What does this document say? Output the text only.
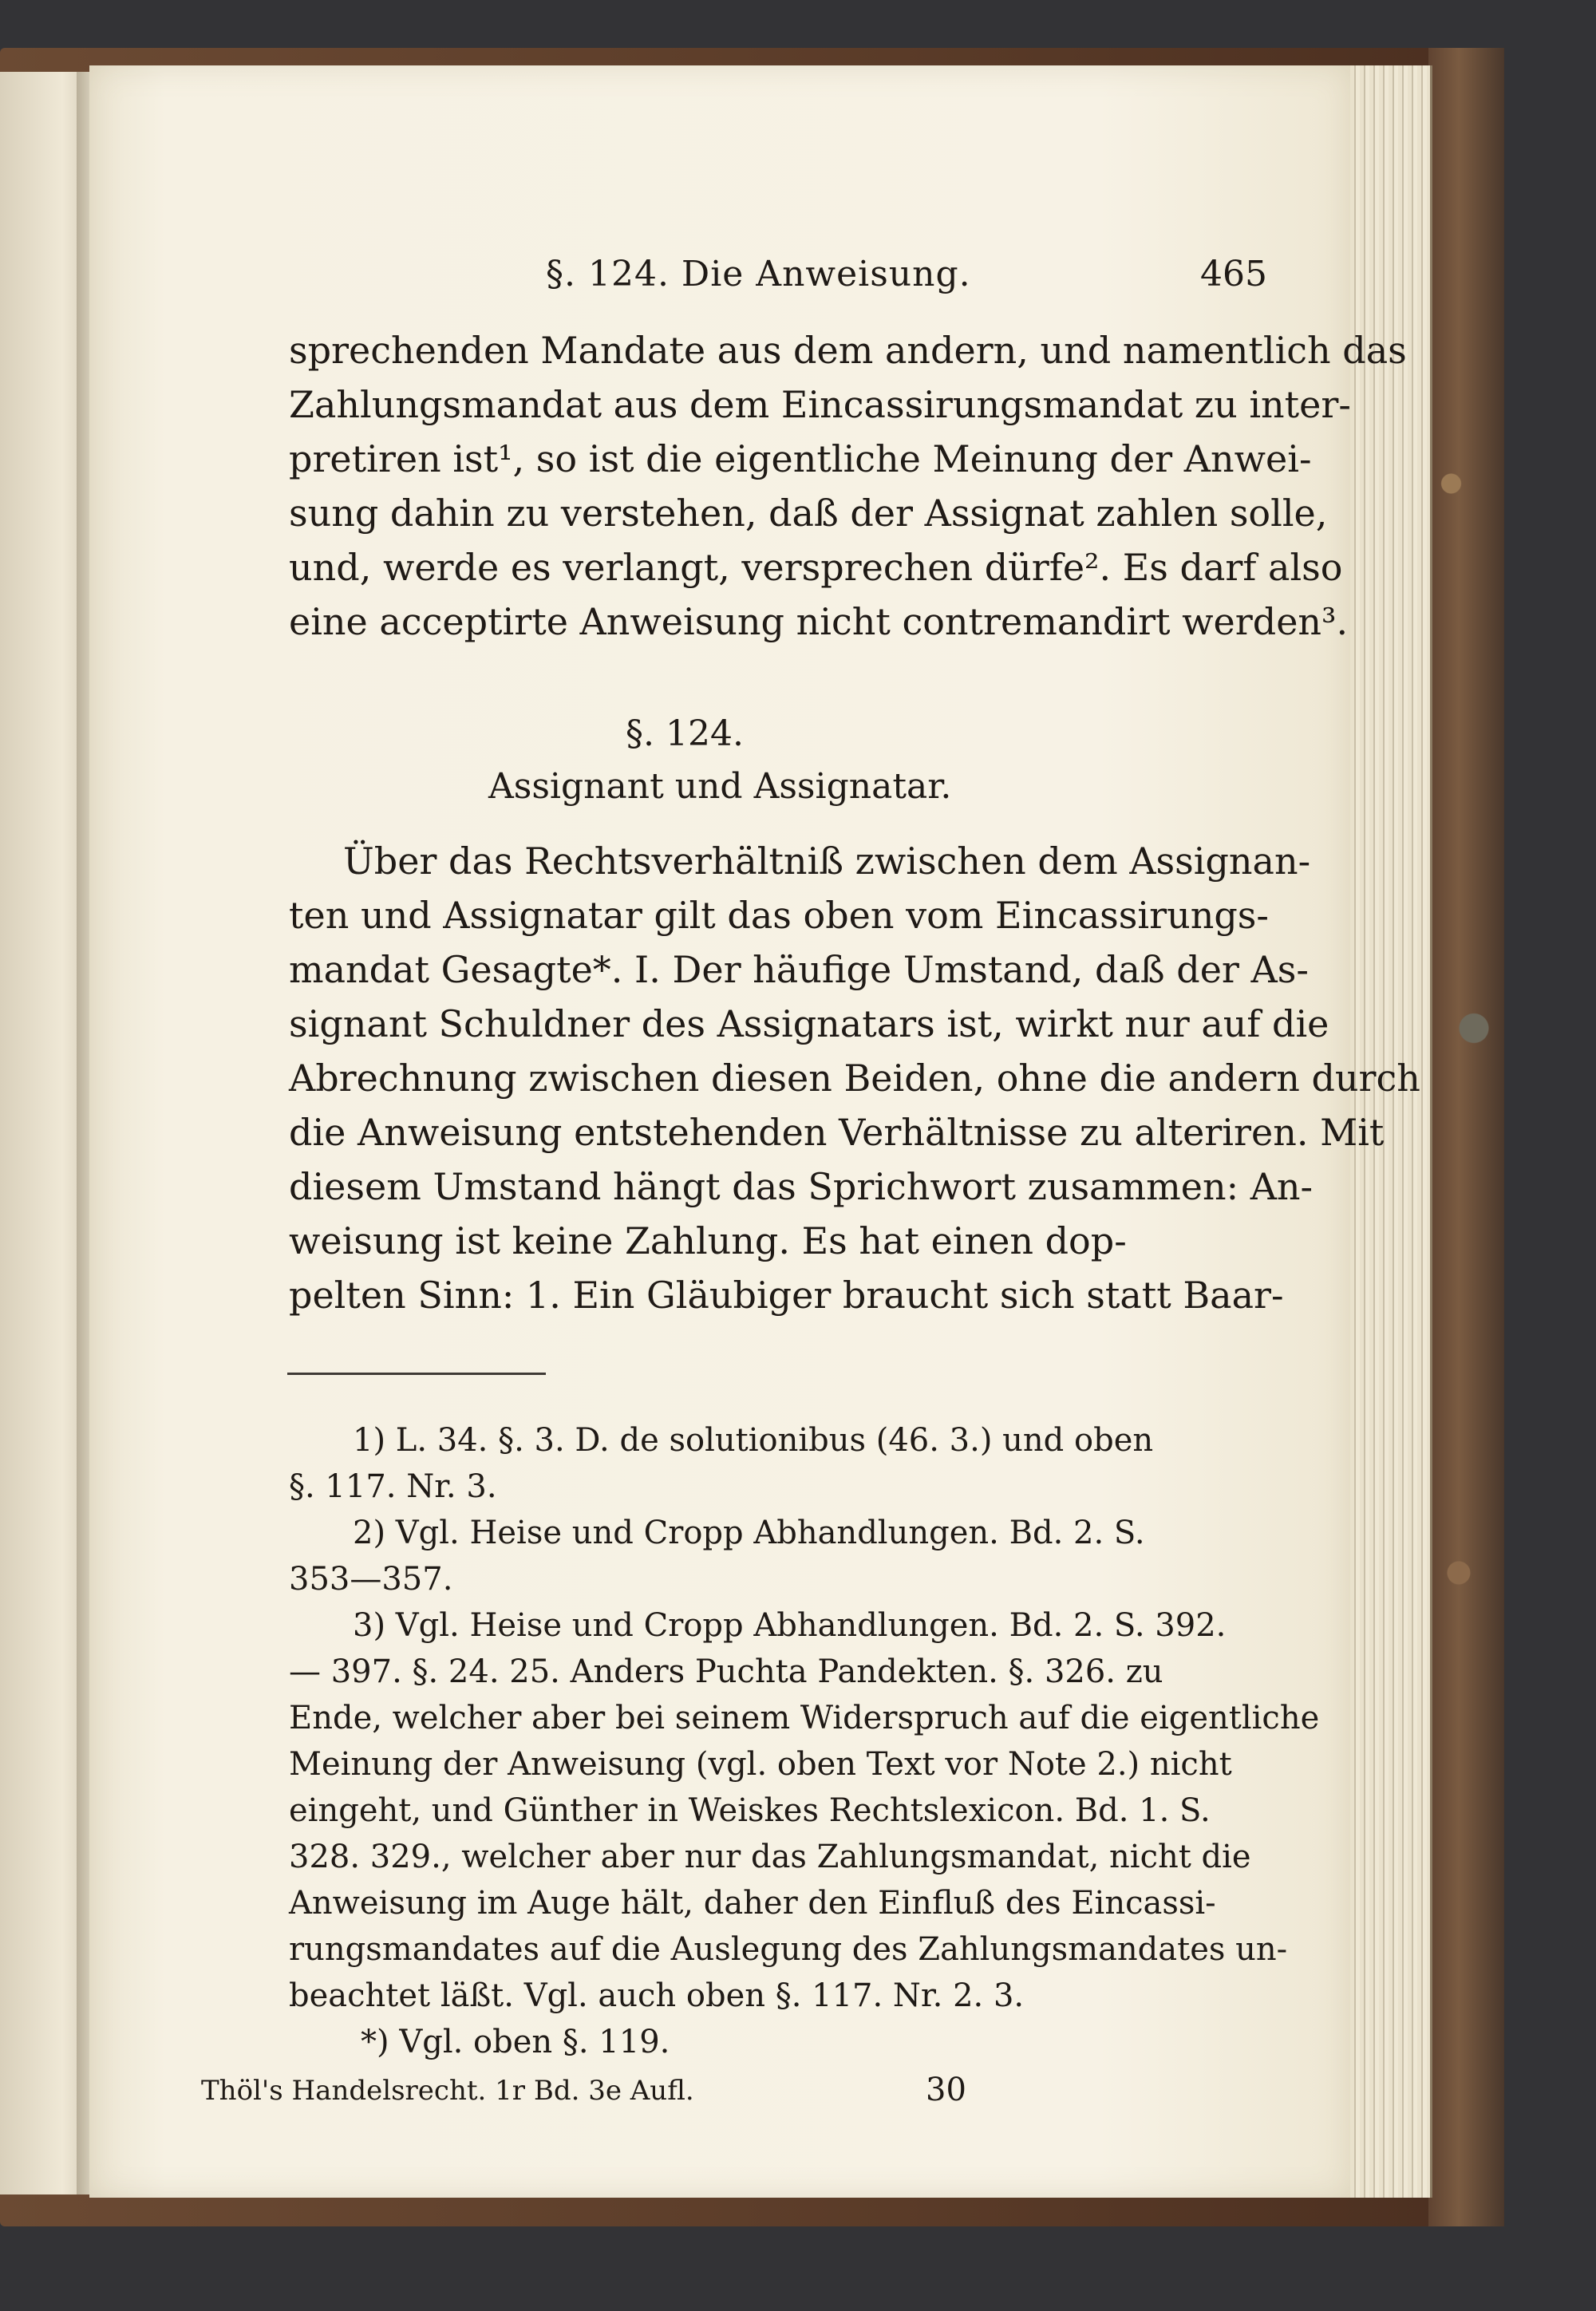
§. 124. Die Anweisung.	465
sprechenden Mandate aus dem andern, und namentlich das
Zahlungsmandat aus dem Eincassirungsmandat zu inter-
pretiren ist¹, so ist die eigentliche Meinung der Anwei-
sung dahin zu verstehen, daß der Assignat zahlen solle,
und, werde es verlangt, versprechen dürfe². Es darf also
eine acceptirte Anweisung nicht contremandirt werden³.
§. 124.
Assignant und Assignatar.
Über das Rechtsverhältniß zwischen dem Assignan-
ten und Assignatar gilt das oben vom Eincassirungs-
mandat Gesagte*. I. Der häufige Umstand, daß der As-
signant Schuldner des Assignatars ist, wirkt nur auf die
Abrechnung zwischen diesen Beiden, ohne die andern durch
die Anweisung entstehenden Verhältnisse zu alteriren. Mit
diesem Umstand hängt das Sprichwort zusammen: An-
weisung ist keine Zahlung. Es hat einen dop-
pelten Sinn: 1. Ein Gläubiger braucht sich statt Baar-
1) L. 34. §. 3. D. de solutionibus (46. 3.) und oben
§. 117. Nr. 3.
2) Vgl. Heise und Cropp Abhandlungen. Bd. 2. S.
353—357.
3) Vgl. Heise und Cropp Abhandlungen. Bd. 2. S. 392.
— 397. §. 24. 25. Anders Puchta Pandekten. §. 326. zu
Ende, welcher aber bei seinem Widerspruch auf die eigentliche
Meinung der Anweisung (vgl. oben Text vor Note 2.) nicht
eingeht, und Günther in Weiskes Rechtslexicon. Bd. 1. S.
328. 329., welcher aber nur das Zahlungsmandat, nicht die
Anweisung im Auge hält, daher den Einfluß des Eincassi-
rungsmandates auf die Auslegung des Zahlungsmandates un-
beachtet läßt. Vgl. auch oben §. 117. Nr. 2. 3.
*) Vgl. oben §. 119.
Thöl's Handelsrecht. 1r Bd. 3e Aufl.	30
